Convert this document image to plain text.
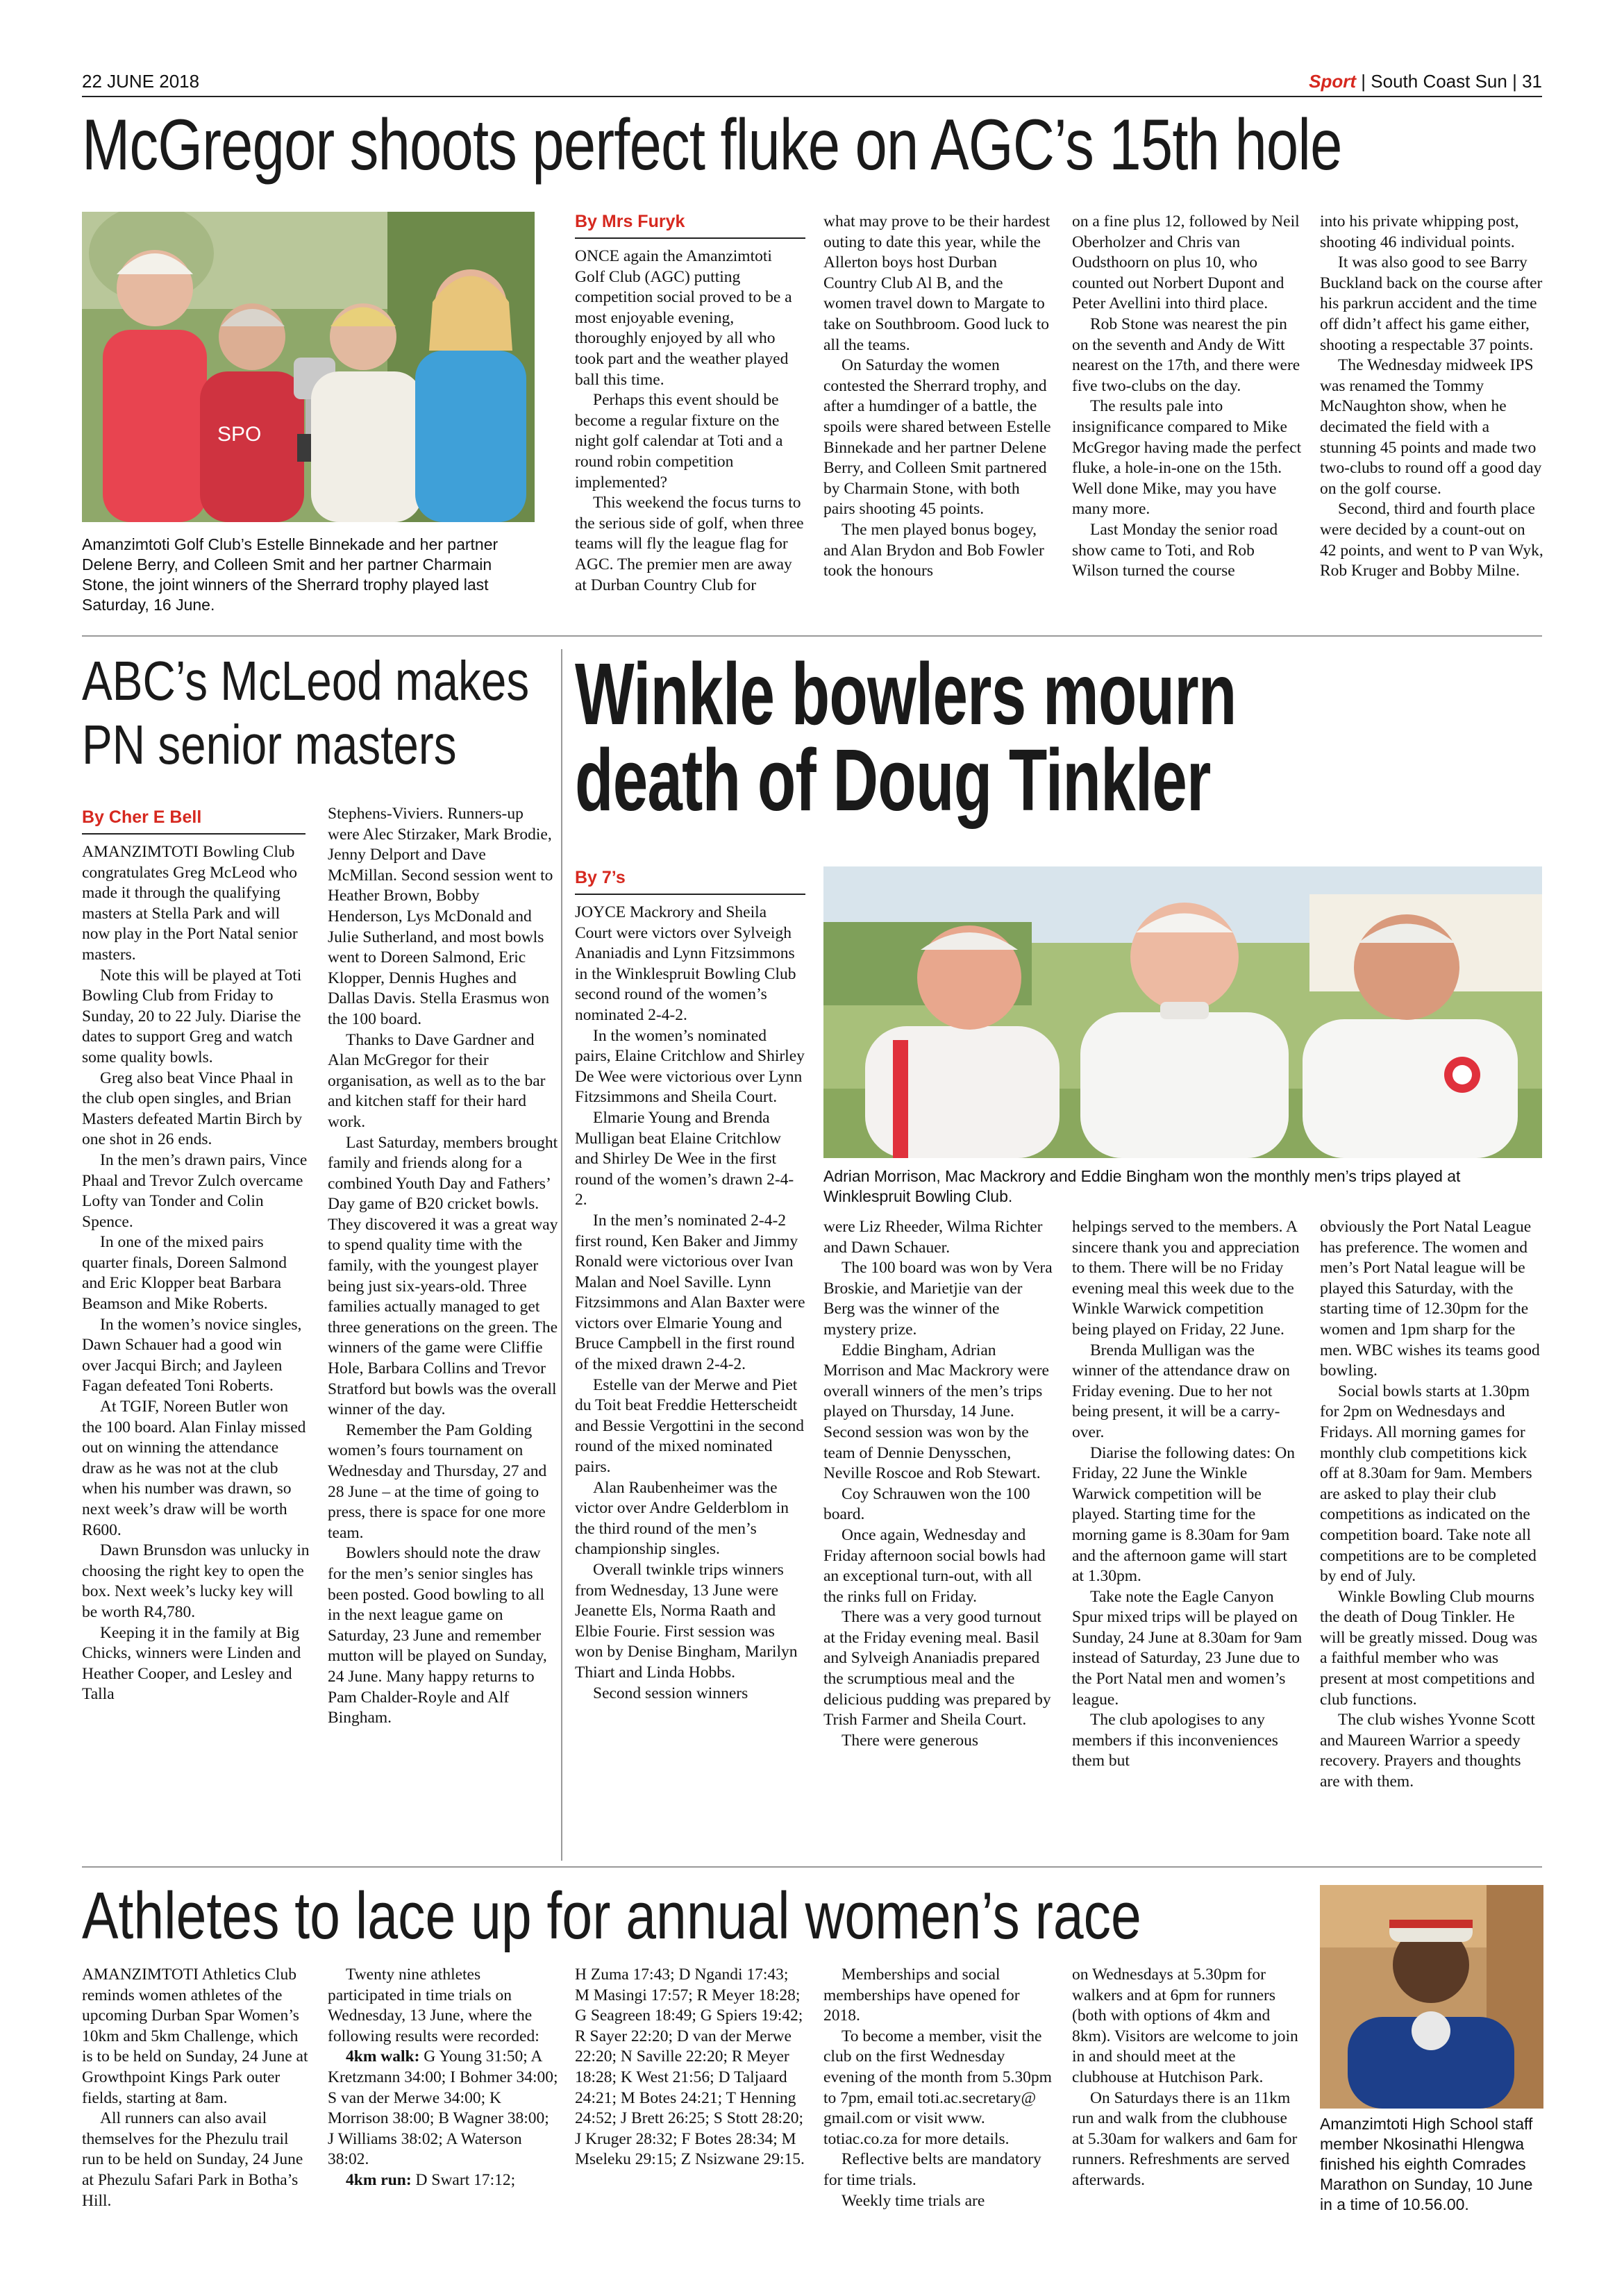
22 JUNE 2018	Sport | South Coast Sun | 31
McGregor shoots perfect fluke on AGC’s 15th hole
SPO
Amanzimtoti Golf Club’s Estelle Binnekade and her partner Delene Berry, and Colleen Smit and her partner Charmain Stone, the joint winners of the Sherrard trophy played last Saturday, 16 June.
By Mrs Furyk

ONCE again the Amanzimtoti Golf Club (AGC) putting competition social proved to be a most enjoyable evening, thoroughly enjoyed by all who took part and the weather played ball this time.

Perhaps this event should be become a regular fixture on the night golf calendar at Toti and a round robin competition implemented?

This weekend the focus turns to the serious side of golf, when three teams will fly the league flag for AGC. The premier men are away at Durban Country Club for

what may prove to be their hardest outing to date this year, while the Allerton boys host Durban Country Club Al B, and the women travel down to Margate to take on Southbroom. Good luck to all the teams.

On Saturday the women contested the Sherrard trophy, and after a humdinger of a battle, the spoils were shared between Estelle Binnekade and her partner Delene Berry, and Colleen Smit partnered by Charmain Stone, with both pairs shooting 45 points.

The men played bonus bogey, and Alan Brydon and Bob Fowler took the honours

on a fine plus 12, followed by Neil Oberholzer and Chris van Oudsthoorn on plus 10, who counted out Norbert Dupont and Peter Avellini into third place.

Rob Stone was nearest the pin on the seventh and Andy de Witt nearest on the 17th, and there were five two-clubs on the day.

The results pale into insignificance compared to Mike McGregor having made the perfect fluke, a hole-in-one on the 15th. Well done Mike, may you have many more.

Last Monday the senior road show came to Toti, and Rob Wilson turned the course

into his private whipping post, shooting 46 individual points.

It was also good to see Barry Buckland back on the course after his parkrun accident and the time off didn’t affect his game either, shooting a respectable 37 points.

The Wednesday midweek IPS was renamed the Tommy McNaughton show, when he decimated the field with a stunning 45 points and made two two-clubs to round off a good day on the golf course.

Second, third and fourth place were decided by a count-out on 42 points, and went to P van Wyk, Rob Kruger and Bobby Milne.

ABC’s McLeod makes
PN senior masters
By Cher E Bell

AMANZIMTOTI Bowling Club congratulates Greg McLeod who made it through the qualifying masters at Stella Park and will now play in the Port Natal senior masters.

Note this will be played at Toti Bowling Club from Friday to Sunday, 20 to 22 July. Diarise the dates to support Greg and watch some quality bowls.

Greg also beat Vince Phaal in the club open singles, and Brian Masters defeated Martin Birch by one shot in 26 ends.

In the men’s drawn pairs, Vince Phaal and Trevor Zulch overcame Lofty van Tonder and Colin Spence.

In one of the mixed pairs quarter finals, Doreen Salmond and Eric Klopper beat Barbara Beamson and Mike Roberts.

In the women’s novice singles, Dawn Schauer had a good win over Jacqui Birch; and Jayleen Fagan defeated Toni Roberts.

At TGIF, Noreen Butler won the 100 board. Alan Finlay missed out on winning the attendance draw as he was not at the club when his number was drawn, so next week’s draw will be worth R600.

Dawn Brunsdon was unlucky in choosing the right key to open the box. Next week’s lucky key will be worth R4,780.

Keeping it in the family at Big Chicks, winners were Linden and Heather Cooper, and Lesley and Talla

Stephens-Viviers. Runners-up were Alec Stirzaker, Mark Brodie, Jenny Delport and Dave McMillan. Second session went to Heather Brown, Bobby Henderson, Lys McDonald and Julie Sutherland, and most bowls went to Doreen Salmond, Eric Klopper, Dennis Hughes and Dallas Davis. Stella Erasmus won the 100 board.

Thanks to Dave Gardner and Alan McGregor for their organisation, as well as to the bar and kitchen staff for their hard work.

Last Saturday, members brought family and friends along for a combined Youth Day and Fathers’ Day game of B20 cricket bowls. They discovered it was a great way to spend quality time with the family, with the youngest player being just six-years-old. Three families actually managed to get three generations on the green. The winners of the game were Cliffie Hole, Barbara Collins and Trevor Stratford but bowls was the overall winner of the day.

Remember the Pam Golding women’s fours tournament on Wednesday and Thursday, 27 and 28 June – at the time of going to press, there is space for one more team.

Bowlers should note the draw for the men’s senior singles has been posted. Good bowling to all in the next league game on Saturday, 23 June and remember mutton will be played on Sunday, 24 June. Many happy returns to Pam Chalder-Royle and Alf Bingham.

Winkle bowlers mourn
death of Doug Tinkler
By 7’s

JOYCE Mackrory and Sheila Court were victors over Sylveigh Ananiadis and Lynn Fitzsimmons in the Winklespruit Bowling Club second round of the women’s nominated 2-4-2.

In the women’s nominated pairs, Elaine Critchlow and Shirley De Wee were victorious over Lynn Fitzsimmons and Sheila Court.

Elmarie Young and Brenda Mulligan beat Elaine Critchlow and Shirley De Wee in the first round of the women’s drawn 2-4-2.

In the men’s nominated 2-4-2 first round, Ken Baker and Jimmy Ronald were victorious over Ivan Malan and Noel Saville. Lynn Fitzsimmons and Alan Baxter were victors over Elmarie Young and Bruce Campbell in the first round of the mixed drawn 2-4-2.

Estelle van der Merwe and Piet du Toit beat Freddie Hetterscheidt and Bessie Vergottini in the second round of the mixed nominated pairs.

Alan Raubenheimer was the victor over Andre Gelderblom in the third round of the men’s championship singles.

Overall twinkle trips winners from Wednesday, 13 June were Jeanette Els, Norma Raath and Elbie Fourie. First session was won by Denise Bingham, Marilyn Thiart and Linda Hobbs.

Second session winners

Adrian Morrison, Mac Mackrory and Eddie Bingham won the monthly men’s trips played at Winklespruit Bowling Club.

were Liz Rheeder, Wilma Richter and Dawn Schauer.

The 100 board was won by Vera Broskie, and Marietjie van der Berg was the winner of the mystery prize.

Eddie Bingham, Adrian Morrison and Mac Mackrory were overall winners of the men’s trips played on Thursday, 14 June. Second session was won by the team of Dennie Denysschen, Neville Roscoe and Rob Stewart.

Coy Schrauwen won the 100 board.

Once again, Wednesday and Friday afternoon social bowls had an exceptional turn-out, with all the rinks full on Friday.

There was a very good turnout at the Friday evening meal. Basil and Sylveigh Ananiadis prepared the scrumptious meal and the delicious pudding was prepared by Trish Farmer and Sheila Court.

There were generous

helpings served to the members. A sincere thank you and appreciation to them. There will be no Friday evening meal this week due to the Winkle Warwick competition being played on Friday, 22 June.

Brenda Mulligan was the winner of the attendance draw on Friday evening. Due to her not being present, it will be a carry-over.

Diarise the following dates: On Friday, 22 June the Winkle Warwick competition will be played. Starting time for the morning game is 8.30am for 9am and the afternoon game will start at 1.30pm.

Take note the Eagle Canyon Spur mixed trips will be played on Sunday, 24 June at 8.30am for 9am instead of Saturday, 23 June due to the Port Natal men and women’s league.

The club apologises to any members if this inconveniences them but

obviously the Port Natal League has preference. The women and men’s Port Natal league will be played this Saturday, with the starting time of 12.30pm for the women and 1pm sharp for the men. WBC wishes its teams good bowling.

Social bowls starts at 1.30pm for 2pm on Wednesdays and Fridays. All morning games for monthly club competitions kick off at 8.30am for 9am. Members are asked to play their club competitions as indicated on the competition board. Take note all competitions are to be completed by end of July.

Winkle Bowling Club mourns the death of Doug Tinkler. He will be greatly missed. Doug was a faithful member who was present at most competitions and club functions.

The club wishes Yvonne Scott and Maureen Warrior a speedy recovery. Prayers and thoughts are with them.

Athletes to lace up for annual women’s race

AMANZIMTOTI Athletics Club reminds women athletes of the upcoming Durban Spar Women’s 10km and 5km Challenge, which is to be held on Sunday, 24 June at Growthpoint Kings Park outer fields, starting at 8am.

All runners can also avail themselves for the Phezulu trail run to be held on Sunday, 24 June at Phezulu Safari Park in Botha’s Hill.

Twenty nine athletes participated in time trials on Wednesday, 13 June, where the following results were recorded:

4km walk: G Young 31:50; A Kretzmann 34:00; I Bohmer 34:00; S van der Merwe 34:00; K Morrison 38:00; B Wagner 38:00; J Williams 38:02; A Waterson 38:02.

4km run: D Swart 17:12;

H Zuma 17:43; D Ngandi 17:43; M Masingi 17:57; R Meyer 18:28; G Seagreen 18:49; G Spiers 19:42; R Sayer 22:20; D van der Merwe 22:20; N Saville 22:20; R Meyer 18:28; K West 21:56; D Taljaard 24:21; M Botes 24:21; T Henning 24:52; J Brett 26:25; S Stott 28:20; J Kruger 28:32; F Botes 28:34; M Mseleku 29:15; Z Nsizwane 29:15.

Memberships and social memberships have opened for 2018.

To become a member, visit the club on the first Wednesday evening of the month from 5.30pm to 7pm, email toti.ac.secretary@ gmail.com or visit www. totiac.co.za for more details.

Reflective belts are mandatory for time trials.

Weekly time trials are

on Wednesdays at 5.30pm for walkers and at 6pm for runners (both with options of 4km and 8km). Visitors are welcome to join in and should meet at the clubhouse at Hutchison Park.

On Saturdays there is an 11km run and walk from the clubhouse at 5.30am for walkers and 6am for runners. Refreshments are served afterwards.

Amanzimtoti High School staff member Nkosinathi Hlengwa finished his eighth Comrades Marathon on Sunday, 10 June in a time of 10.56.00.
